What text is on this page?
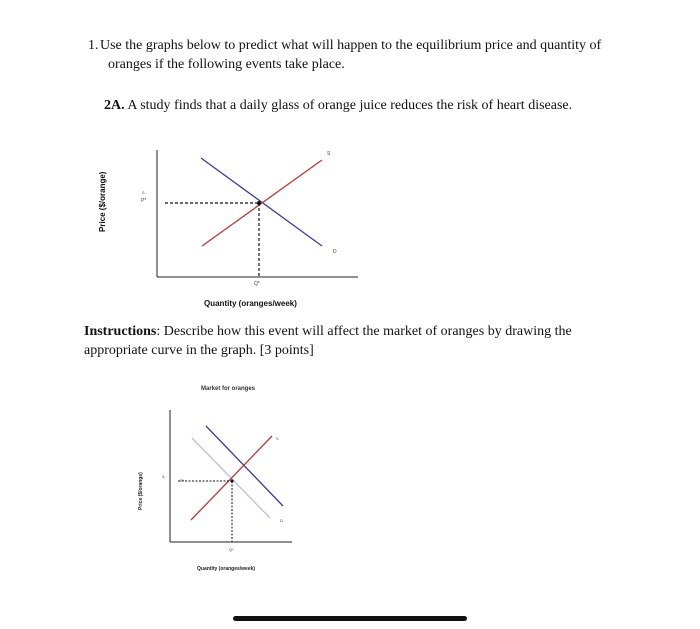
1. Use the graphs below to predict what will happen to the equilibrium price and quantity of
oranges if the following events take place.
2A. A study finds that a daily glass of orange juice reduces the risk of heart disease.
S
D
P*
Q*
P
Price ($/orange)
Quantity (oranges/week)
Instructions: Describe how this event will affect the market of oranges by drawing the appropriate curve in the graph. [3 points]
Market for oranges
S
D
P*
Q*
P
Price ($/orange)
Quantity (oranges/week)
